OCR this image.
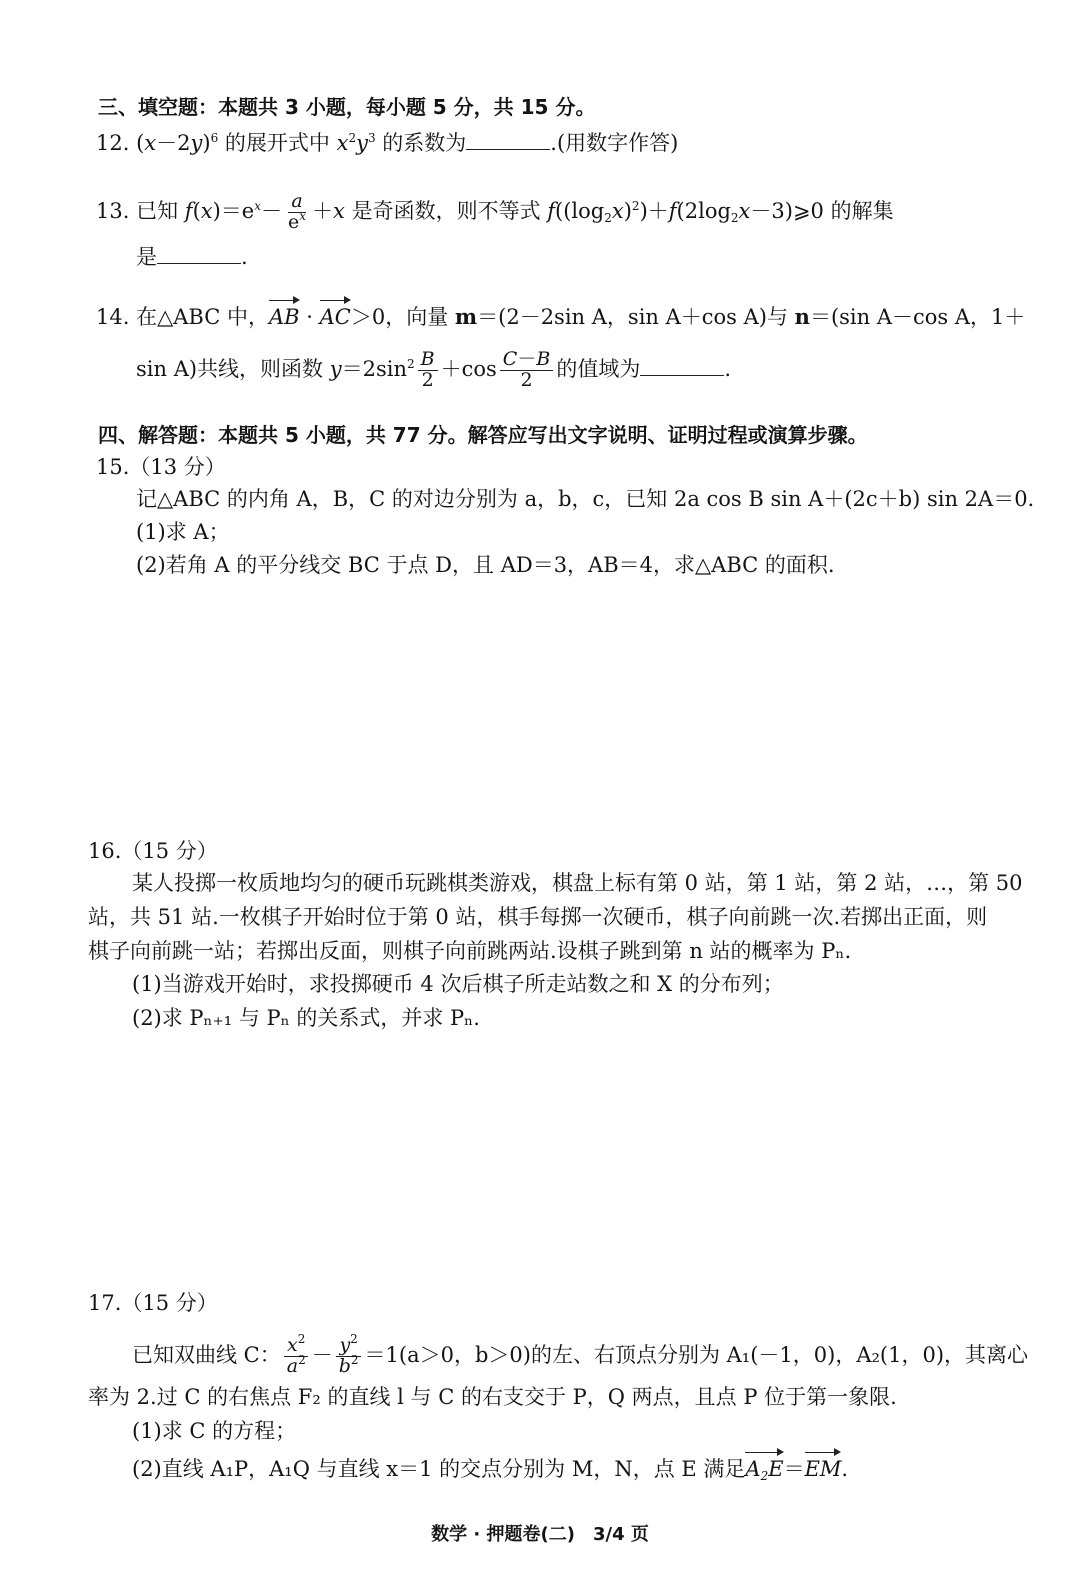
三、填空题：本题共 3 小题，每小题 5 分，共 15 分。
12. $(x-2y)^6$ 的展开式中 $x^2y^3$ 的系数为	.(用数字作答)
13. 已知 $f(x)=e^x- \frac{a}{e^x} +x$ 是奇函数，则不等式 $f((\log_2x)^2)+f(2\log_2x-3)⩾0$ 的解集
是	.
14. 在△ABC 中，AB · AC＞0，向量 m＝(2－2sin A，sin A＋cos A)与 n＝(sin A－cos A，1＋
sin A)共线，则函数 $y=2\sin^2 \frac{B}{2} +\cos \frac{C-B}{2}$ 的值域为	.
四、解答题：本题共 5 小题，共 77 分。解答应写出文字说明、证明过程或演算步骤。
15.（13 分）
记△ABC 的内角 A，B，C 的对边分别为 a，b，c，已知 2a cos B sin A＋(2c＋b) sin 2A＝0.
(1)求 A；
(2)若角 A 的平分线交 BC 于点 D，且 AD＝3，AB＝4，求△ABC 的面积.
16.（15 分）
某人投掷一枚质地均匀的硬币玩跳棋类游戏，棋盘上标有第 0 站，第 1 站，第 2 站，…，第 50
站，共 51 站.一枚棋子开始时位于第 0 站，棋手每掷一次硬币，棋子向前跳一次.若掷出正面，则
棋子向前跳一站；若掷出反面，则棋子向前跳两站.设棋子跳到第 n 站的概率为 Pₙ.
(1)当游戏开始时，求投掷硬币 4 次后棋子所走站数之和 X 的分布列；
(2)求 Pₙ₊₁ 与 Pₙ 的关系式，并求 Pₙ.
17.（15 分）
已知双曲线 C： $\frac{x^2}{a^2} - \frac{y^2}{b^2} =1(a>0$，b＞0)的左、右顶点分别为 A₁(－1，0)，A₂(1，0)，其离心
率为 2.过 C 的右焦点 F₂ 的直线 l 与 C 的右支交于 P，Q 两点，且点 P 位于第一象限.
(1)求 C 的方程；
(2)直线 A₁P，A₁Q 与直线 x＝1 的交点分别为 M，N，点 E 满足$A_2E=EM$.
数学 · 押题卷(二)　3/4 页
